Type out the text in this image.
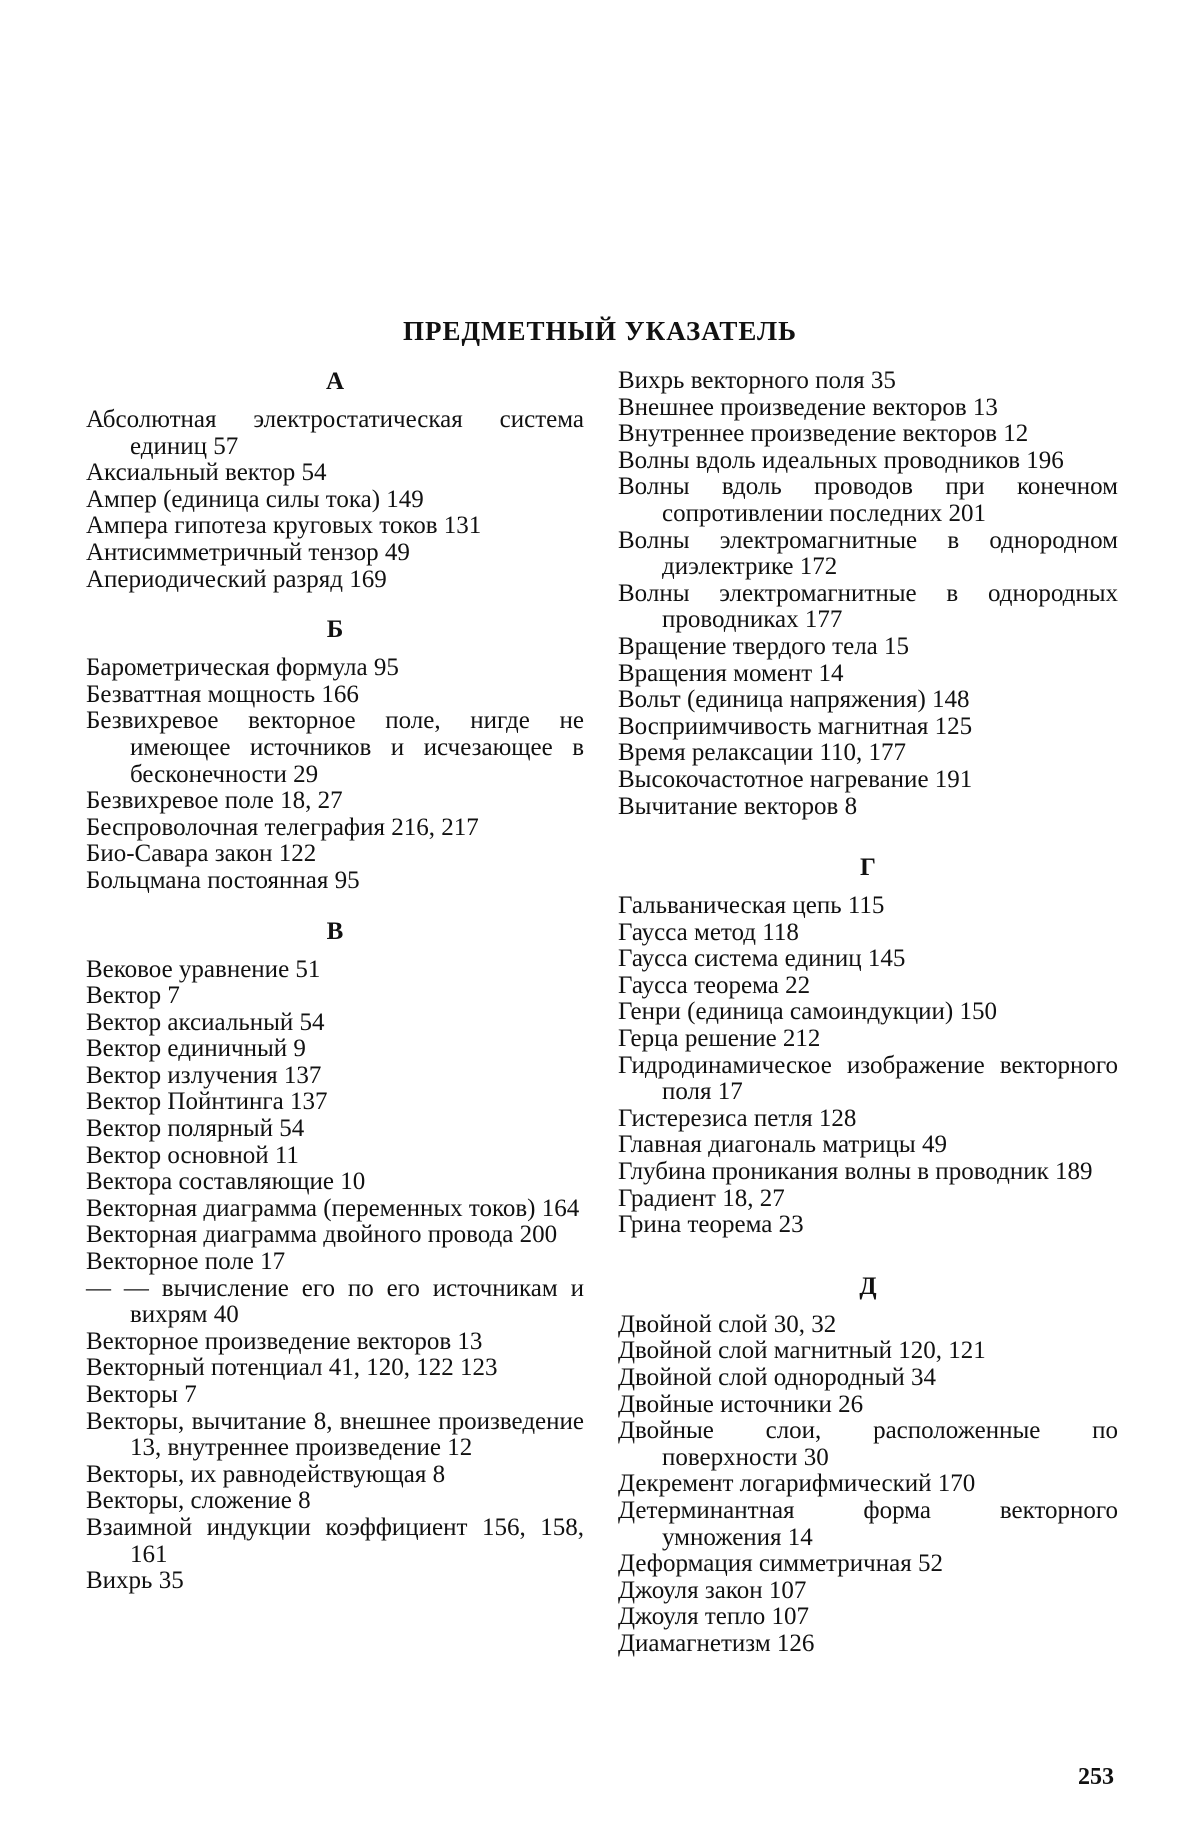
ПРЕДМЕТНЫЙ УКАЗАТЕЛЬ
А
Абсолютная электростатическая система единиц 57
Аксиальный вектор 54
Ампер (единица силы тока) 149
Ампера гипотеза круговых токов 131
Антисимметричный тензор 49
Апериодический разряд 169
Б
Барометрическая формула 95
Безваттная мощность 166
Безвихревое векторное поле, нигде не имеющее источников и исчезающее в бесконечности 29
Безвихревое поле 18, 27
Беспроволочная телеграфия 216, 217
Био-Савара закон 122
Больцмана постоянная 95
В
Вековое уравнение 51
Вектор 7
Вектор аксиальный 54
Вектор единичный 9
Вектор излучения 137
Вектор Пойнтинга 137
Вектор полярный 54
Вектор основной 11
Вектора составляющие 10
Векторная диаграмма (переменных токов) 164
Векторная диаграмма двойного провода 200
Векторное поле 17
— — вычисление его по его источникам и вихрям 40
Векторное произведение векторов 13
Векторный потенциал 41, 120, 122 123
Векторы 7
Векторы, вычитание 8, внешнее произведение 13, внутреннее произведение 12
Векторы, их равнодействующая 8
Векторы, сложение 8
Взаимной индукции коэффициент 156, 158, 161
Вихрь 35
Вихрь векторного поля 35
Внешнее произведение векторов 13
Внутреннее произведение векторов 12
Волны вдоль идеальных проводников 196
Волны вдоль проводов при конечном сопротивлении последних 201
Волны электромагнитные в однородном диэлектрике 172
Волны электромагнитные в однородных проводниках 177
Вращение твердого тела 15
Вращения момент 14
Вольт (единица напряжения) 148
Восприимчивость магнитная 125
Время релаксации 110, 177
Высокочастотное нагревание 191
Вычитание векторов 8
Г
Гальваническая цепь 115
Гаусса метод 118
Гаусса система единиц 145
Гаусса теорема 22
Генри (единица самоиндукции) 150
Герца решение 212
Гидродинамическое изображение векторного поля 17
Гистерезиса петля 128
Главная диагональ матрицы 49
Глубина проникания волны в проводник 189
Градиент 18, 27
Грина теорема 23
Д
Двойной слой 30, 32
Двойной слой магнитный 120, 121
Двойной слой однородный 34
Двойные источники 26
Двойные слои, расположенные по поверхности 30
Декремент логарифмический 170
Детерминантная форма векторного умножения 14
Деформация симметричная 52
Джоуля закон 107
Джоуля тепло 107
Диамагнетизм 126
253
